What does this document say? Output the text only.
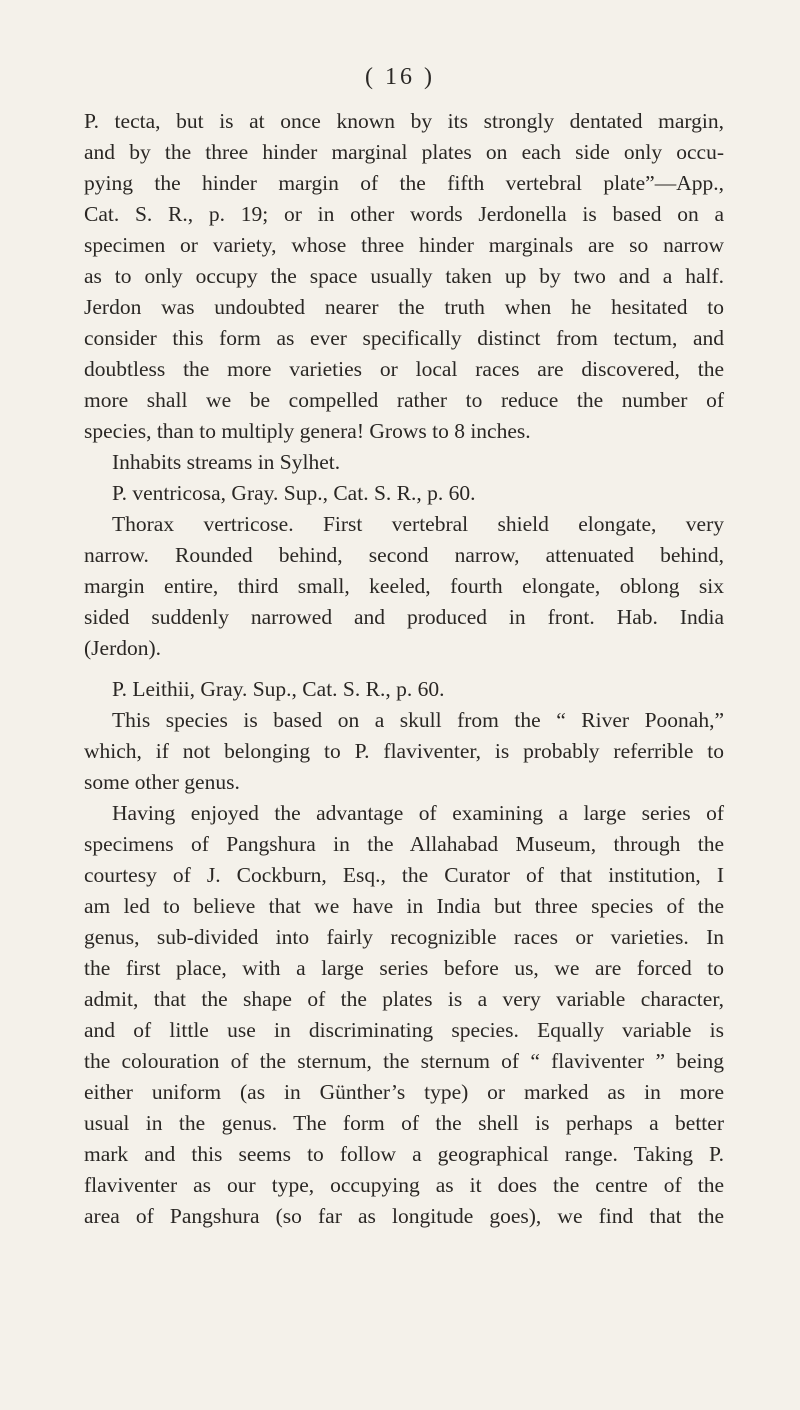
( 16 )
P. tecta, but is at once known by its strongly dentated margin,
and by the three hinder marginal plates on each side only occu-
pying the hinder margin of the fifth vertebral plate”—App.,
Cat. S. R., p. 19; or in other words Jerdonella is based on a
specimen or variety, whose three hinder marginals are so narrow
as to only occupy the space usually taken up by two and a half.
Jerdon was undoubted nearer the truth when he hesitated to
consider this form as ever specifically distinct from tectum, and
doubtless the more varieties or local races are discovered, the
more shall we be compelled rather to reduce the number of
species, than to multiply genera! Grows to 8 inches.
Inhabits streams in Sylhet.
P. ventricosa, Gray. Sup., Cat. S. R., p. 60.
Thorax vertricose. First vertebral shield elongate, very
narrow. Rounded behind, second narrow, attenuated behind,
margin entire, third small, keeled, fourth elongate, oblong six
sided suddenly narrowed and produced in front. Hab. India
(Jerdon).
P. Leithii, Gray. Sup., Cat. S. R., p. 60.
This species is based on a skull from the “ River Poonah,”
which, if not belonging to P. flaviventer, is probably referrible to
some other genus.
Having enjoyed the advantage of examining a large series of
specimens of Pangshura in the Allahabad Museum, through the
courtesy of J. Cockburn, Esq., the Curator of that institution, I
am led to believe that we have in India but three species of the
genus, sub-divided into fairly recognizible races or varieties. In
the first place, with a large series before us, we are forced to
admit, that the shape of the plates is a very variable character,
and of little use in discriminating species. Equally variable is
the colouration of the sternum, the sternum of “ flaviventer ” being
either uniform (as in Günther’s type) or marked as in more
usual in the genus. The form of the shell is perhaps a better
mark and this seems to follow a geographical range. Taking P.
flaviventer as our type, occupying as it does the centre of the
area of Pangshura (so far as longitude goes), we find that the
